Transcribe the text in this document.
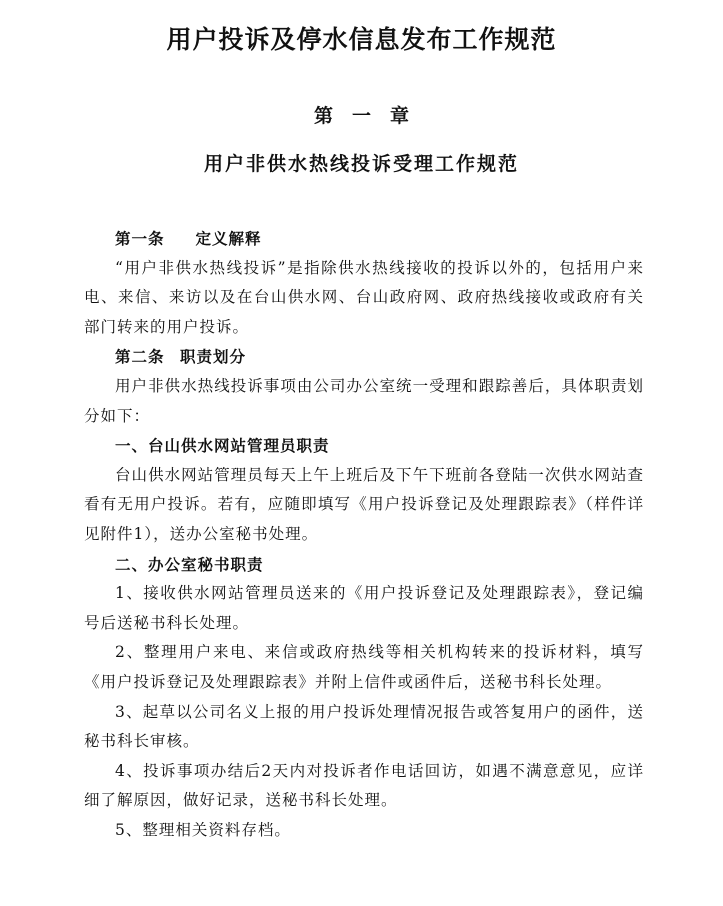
用户投诉及停水信息发布工作规范
第　一　章
用户非供水热线投诉受理工作规范
第一条 定义解释

“用户非供水热线投诉”是指除供水热线接收的投诉以外的，包括用户来电、来信、来访以及在台山供水网、台山政府网、政府热线接收或政府有关部门转来的用户投诉。

第二条 职责划分

用户非供水热线投诉事项由公司办公室统一受理和跟踪善后，具体职责划分如下：

一、台山供水网站管理员职责

台山供水网站管理员每天上午上班后及下午下班前各登陆一次供水网站查看有无用户投诉。若有，应随即填写《用户投诉登记及处理跟踪表》（样件详见附件1），送办公室秘书处理。

二、办公室秘书职责

1、接收供水网站管理员送来的《用户投诉登记及处理跟踪表》，登记编号后送秘书科长处理。

2、整理用户来电、来信或政府热线等相关机构转来的投诉材料，填写《用户投诉登记及处理跟踪表》并附上信件或函件后，送秘书科长处理。

3、起草以公司名义上报的用户投诉处理情况报告或答复用户的函件，送秘书科长审核。

4、投诉事项办结后2天内对投诉者作电话回访，如遇不满意意见，应详细了解原因，做好记录，送秘书科长处理。

5、整理相关资料存档。
